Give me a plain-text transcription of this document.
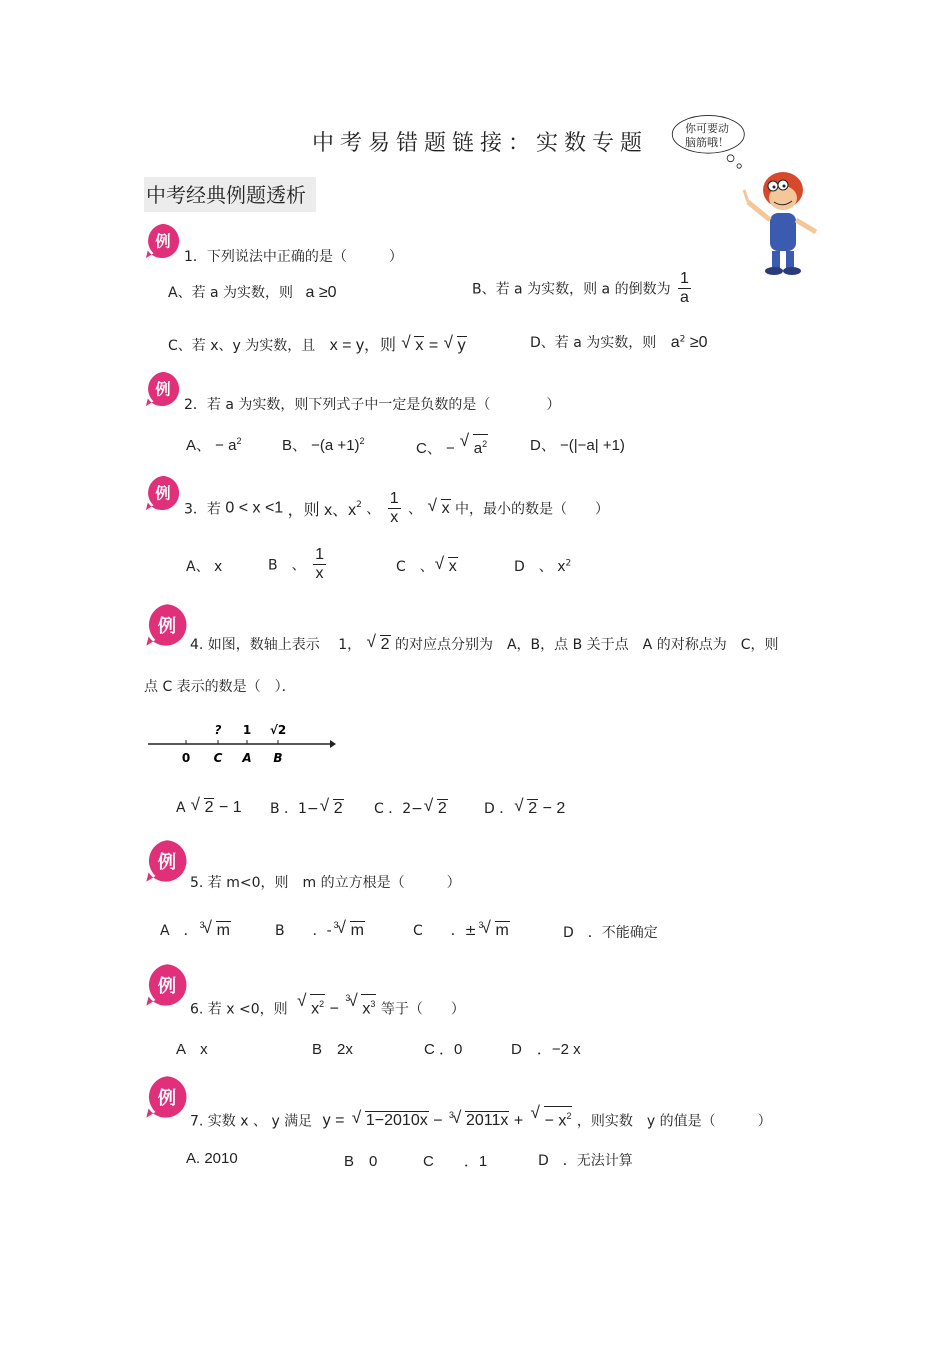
中考易错题链接：实数专题
你可要动
脑筋哦！
中考经典例题透析
例
例
例
例
例
例
例
1．下列说法中正确的是（　　　）
A、若 a 为实数，则 a ≥0	B、若 a 为实数，则 a 的倒数为 $\frac{1}{a}$
C、若 x、y 为实数，且 x = y，则 √ x = √ y	D、若 a 为实数，则 $a^2 \ge 0$
2．若 a 为实数，则下列式子中一定是负数的是（　　　　）
A、 − $a^2$	B、 $-(a +1)^2$	C、 − √ $a^2$	D、 −(|−a| +1)
3．若 0 < x <1 ，则 x、$x^2$ 、 $\frac{1}{x}$ 、 √ x 中，最小的数是（　　）
A、 x	B　、 $\frac{1}{x}$	C　、 √ x	D　、 $x^2$
4. 如图，数轴上表示　 1， √ 2 的对应点分别为　A，B，点 B 关于点　A 的对称点为　C，则
点 C 表示的数是（　）．
? 1 √2
0 C A B
A √ 2 − 1 B ．1− √ 2 C ．2− √ 2	D ． √ 2 − 2
5. 若 m<0，则　m 的立方根是（　　　）
A　． √ 3 m	B　　．- √ 3 m	C　　．± √ 3 m	D　．不能确定
6. 若 x <0，则 √ $x^2$ −
√ 3
$x^3$ 等于（　　）
A　x	B　2x	C ．0	D　．−2 x
7. 实数 x 、 y 满足 y = √ 1−2010x − √ 3 2011x + √ − $x^2$ ，则实数　y 的值是（　　　）
A. 2010	B　0	C　　．1	D　．无法计算
